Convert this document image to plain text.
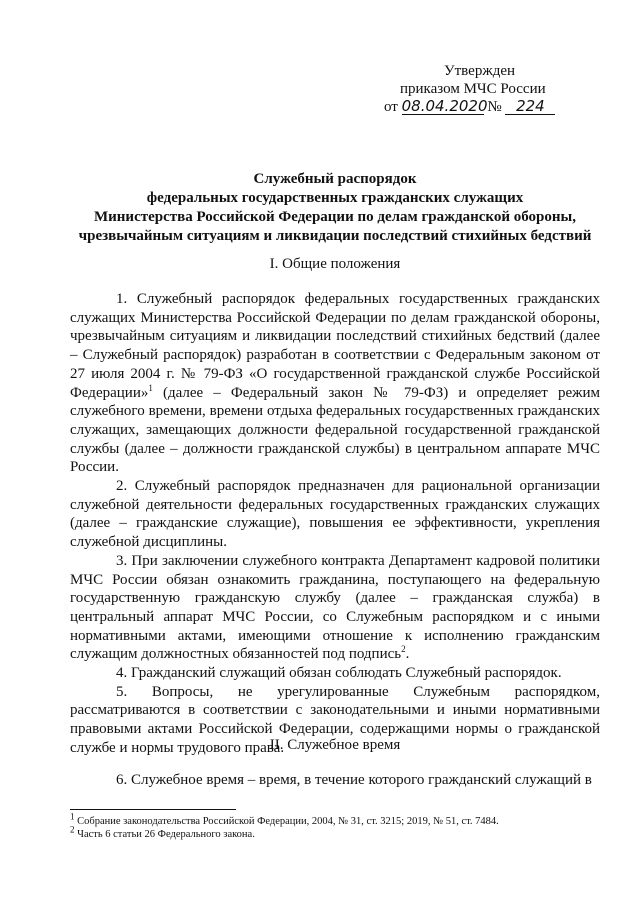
Утвержден
приказом МЧС России
от 08.04.2020 № 224
Служебный распорядок
федеральных государственных гражданских служащих
Министерства Российской Федерации по делам гражданской обороны,
чрезвычайным ситуациям и ликвидации последствий стихийных бедствий
I. Общие положения

1. Служебный распорядок федеральных государственных гражданских служащих Министерства Российской Федерации по делам гражданской обороны, чрезвычайным ситуациям и ликвидации последствий стихийных бедствий (далее – Служебный распорядок) разработан в соответствии с Федеральным законом от 27 июля 2004 г. № 79-ФЗ «О государственной гражданской службе Российской Федерации»$^1$ (далее – Федеральный закон № 79-ФЗ) и определяет режим служебного времени, времени отдыха федеральных государственных гражданских служащих, замещающих должности федеральной государственной гражданской службы (далее – должности гражданской службы) в центральном аппарате МЧС России.

2. Служебный распорядок предназначен для рациональной организации служебной деятельности федеральных государственных гражданских служащих (далее – гражданские служащие), повышения ее эффективности, укрепления служебной дисциплины.

3. При заключении служебного контракта Департамент кадровой политики МЧС России обязан ознакомить гражданина, поступающего на федеральную государственную гражданскую службу (далее – гражданская служба) в центральный аппарат МЧС России, со Служебным распорядком и с иными нормативными актами, имеющими отношение к исполнению гражданским служащим должностных обязанностей под подпись$^2$.

4. Гражданский служащий обязан соблюдать Служебный распорядок.

5. Вопросы, не урегулированные Служебным распорядком, рассматриваются в соответствии с законодательными и иными нормативными правовыми актами Российской Федерации, содержащими нормы о гражданской службе и нормы трудового права.

II. Служебное время

6. Служебное время – время, в течение которого гражданский служащий в

$^1$ Собрание законодательства Российской Федерации, 2004, № 31, ст. 3215; 2019, № 51, ст. 7484.
$^2$ Часть 6 статьи 26 Федерального закона.
